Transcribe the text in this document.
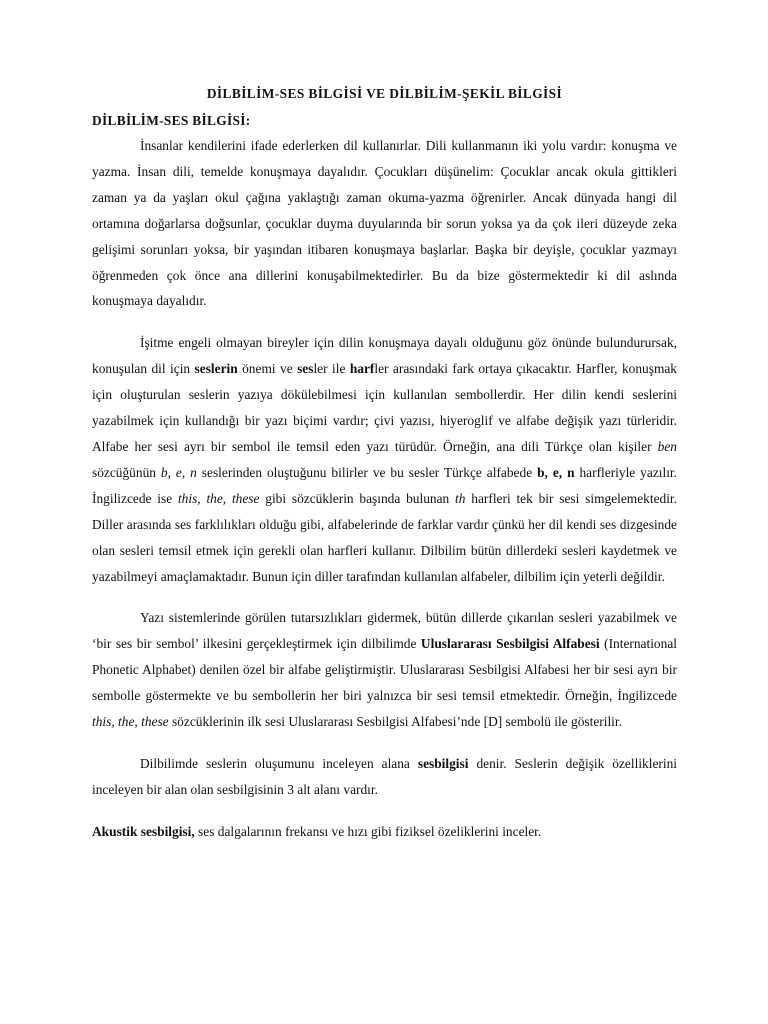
DİLBİLİM-SES BİLGİSİ VE DİLBİLİM-ŞEKİL BİLGİSİ
DİLBİLİM-SES BİLGİSİ:

İnsanlar kendilerini ifade ederlerken dil kullanırlar. Dili kullanmanın iki yolu vardır: konuşma ve yazma. İnsan dili, temelde konuşmaya dayalıdır. Çocukları düşünelim: Çocuklar ancak okula gittikleri zaman ya da yaşları okul çağına yaklaştığı zaman okuma-yazma öğrenirler. Ancak dünyada hangi dil ortamına doğarlarsa doğsunlar, çocuklar duyma duyularında bir sorun yoksa ya da çok ileri düzeyde zeka gelişimi sorunları yoksa, bir yaşından itibaren konuşmaya başlarlar. Başka bir deyişle, çocuklar yazmayı öğrenmeden çok önce ana dillerini konuşabilmektedirler. Bu da bize göstermektedir ki dil aslında konuşmaya dayalıdır.

İşitme engeli olmayan bireyler için dilin konuşmaya dayalı olduğunu göz önünde bulundurursak, konuşulan dil için seslerin önemi ve sesler ile harfler arasındaki fark ortaya çıkacaktır. Harfler, konuşmak için oluşturulan seslerin yazıya dökülebilmesi için kullanılan sembollerdir. Her dilin kendi seslerini yazabilmek için kullandığı bir yazı biçimi vardır; çivi yazısı, hiyeroglif ve alfabe değişik yazı türleridir. Alfabe her sesi ayrı bir sembol ile temsil eden yazı türüdür. Örneğin, ana dili Türkçe olan kişiler ben sözcüğünün b, e, n seslerinden oluştuğunu bilirler ve bu sesler Türkçe alfabede b, e, n harfleriyle yazılır. İngilizcede ise this, the, these gibi sözcüklerin başında bulunan th harfleri tek bir sesi simgelemektedir. Diller arasında ses farklılıkları olduğu gibi, alfabelerinde de farklar vardır çünkü her dil kendi ses dizgesinde olan sesleri temsil etmek için gerekli olan harfleri kullanır. Dilbilim bütün dillerdeki sesleri kaydetmek ve yazabilmeyi amaçlamaktadır. Bunun için diller tarafından kullanılan alfabeler, dilbilim için yeterli değildir.

Yazı sistemlerinde görülen tutarsızlıkları gidermek, bütün dillerde çıkarılan sesleri yazabilmek ve ‘bir ses bir sembol’ ilkesini gerçekleştirmek için dilbilimde Uluslararası Sesbilgisi Alfabesi (International Phonetic Alphabet) denilen özel bir alfabe geliştirmiştir. Uluslararası Sesbilgisi Alfabesi her bir sesi ayrı bir sembolle göstermekte ve bu sembollerin her biri yalnızca bir sesi temsil etmektedir. Örneğin, İngilizcede this, the, these sözcüklerinin ilk sesi Uluslararası Sesbilgisi Alfabesi’nde [D] sembolü ile gösterilir.

Dilbilimde seslerin oluşumunu inceleyen alana sesbilgisi denir. Seslerin değişik özelliklerini inceleyen bir alan olan sesbilgisinin 3 alt alanı vardır.

Akustik sesbilgisi, ses dalgalarının frekansı ve hızı gibi fiziksel özeliklerini inceler.
